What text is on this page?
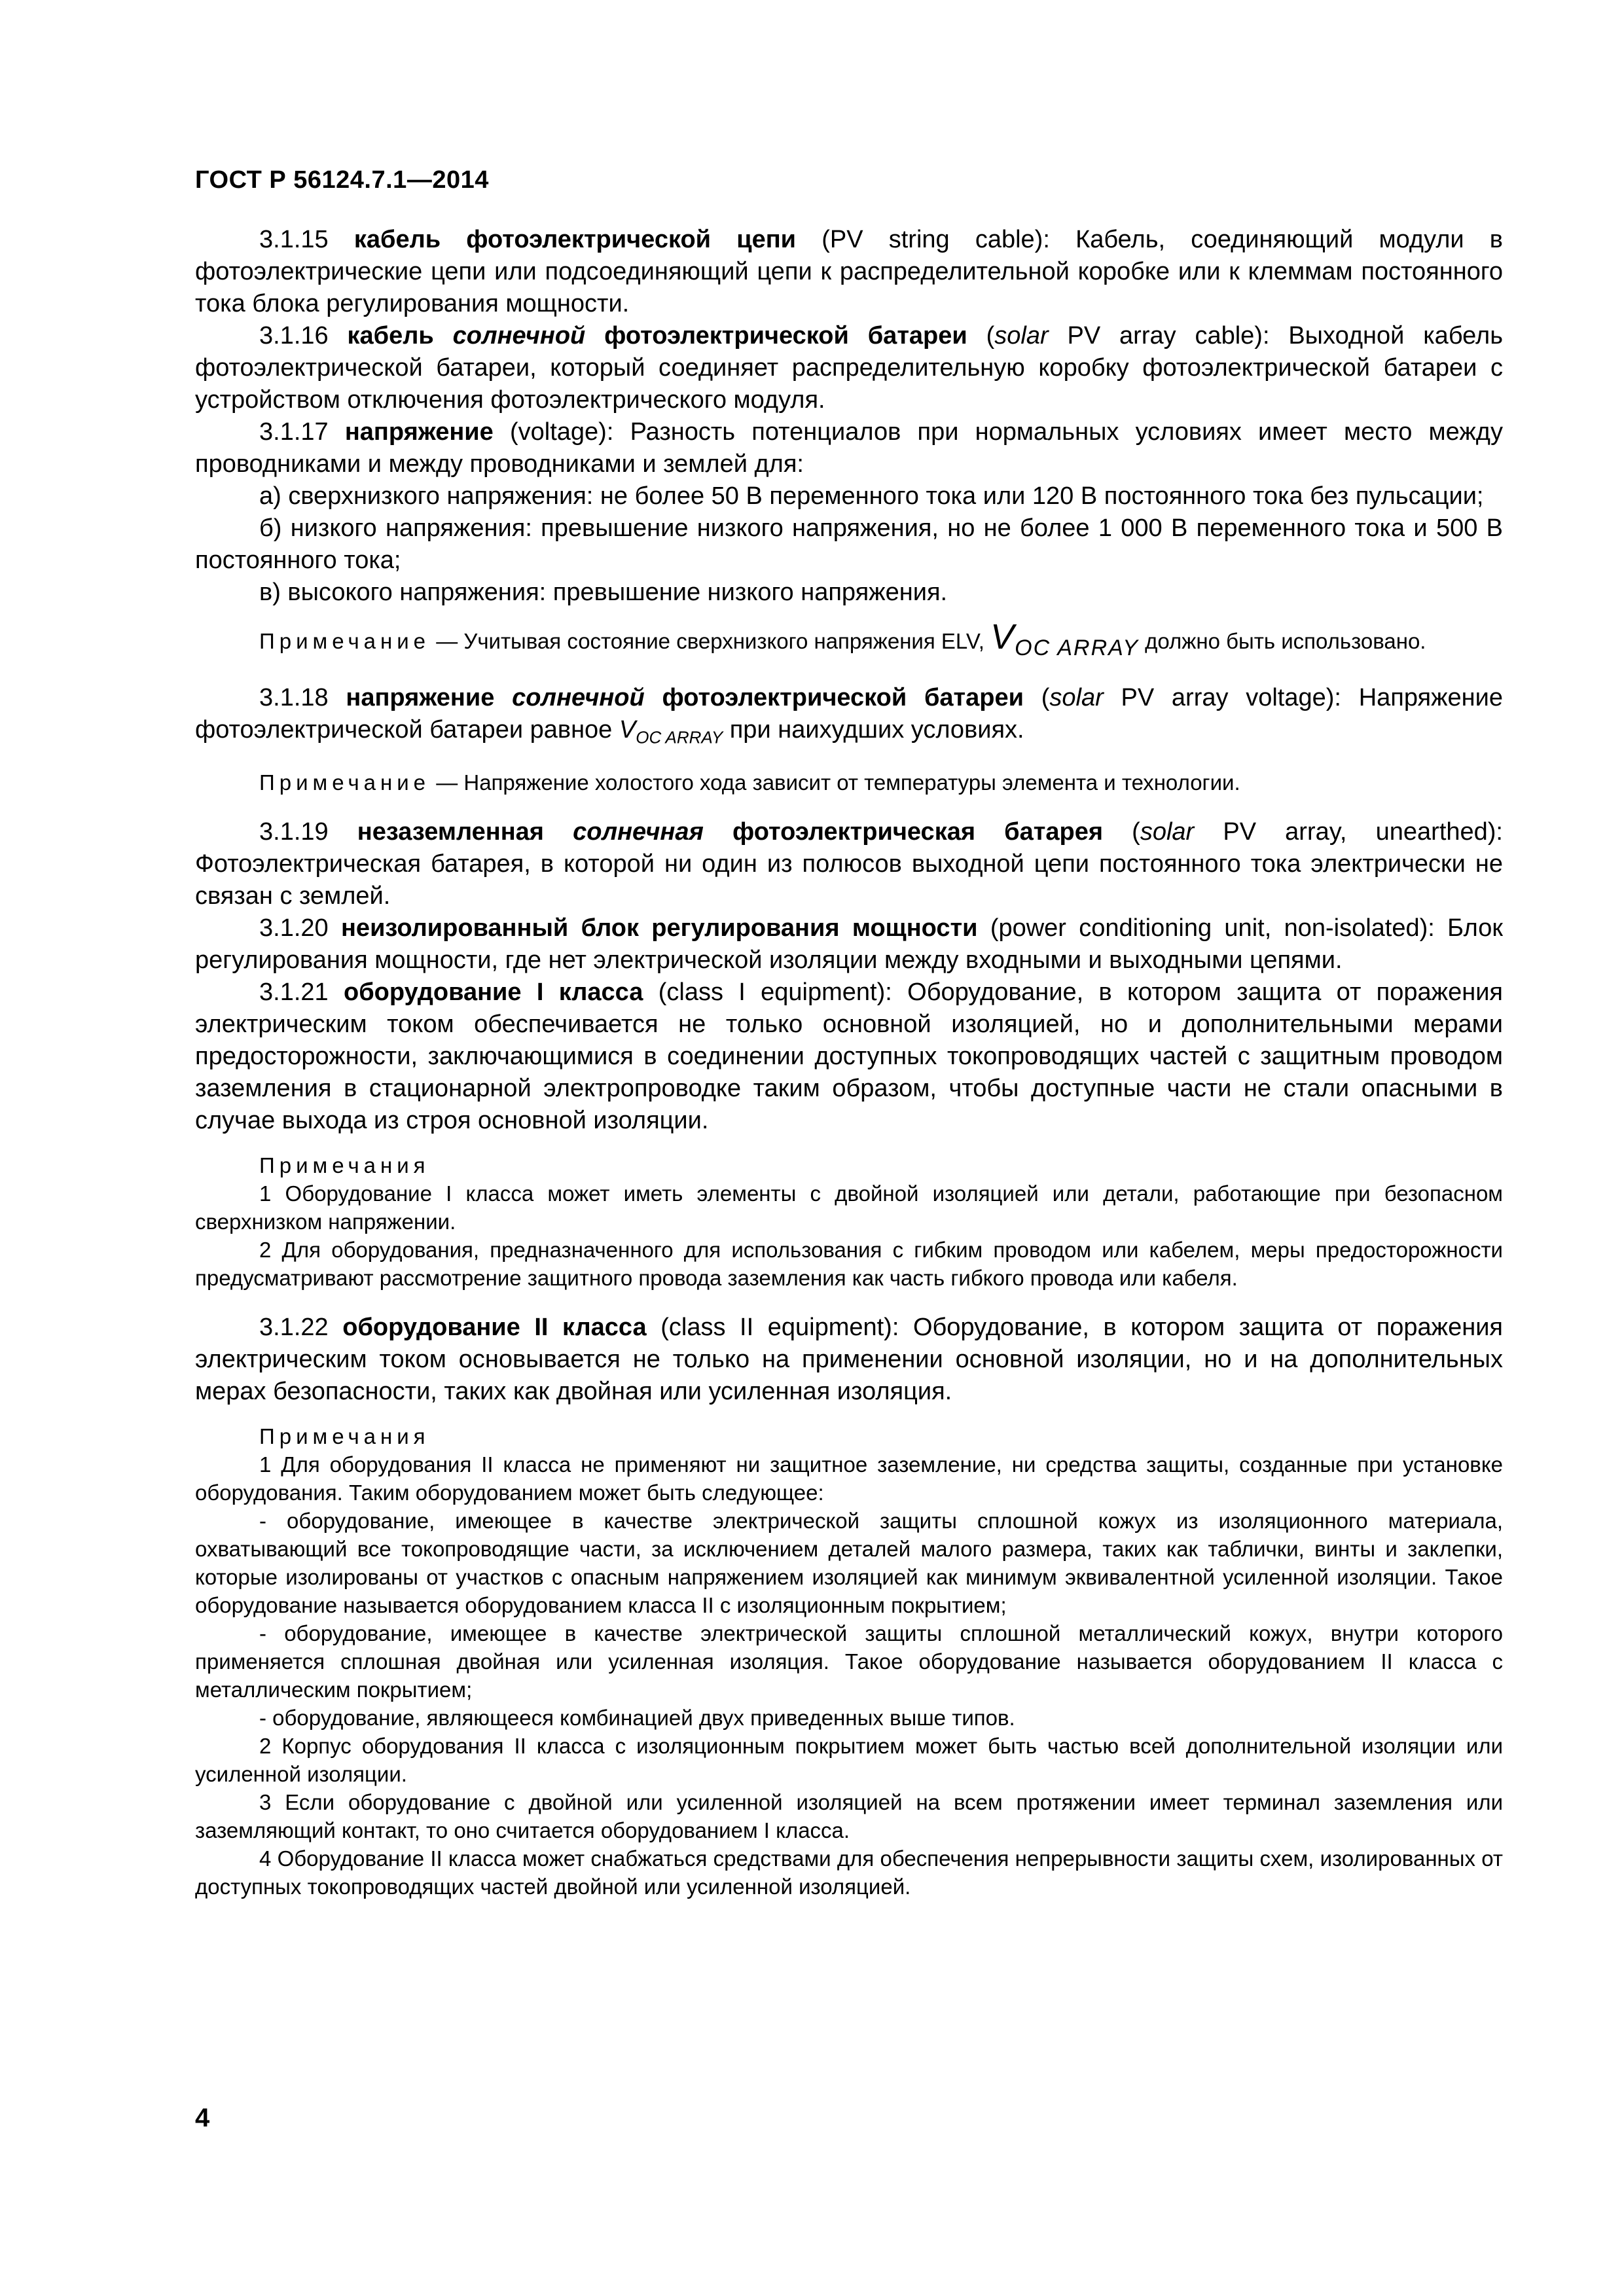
ГОСТ Р 56124.7.1—2014

3.1.15 кабель фотоэлектрической цепи (PV string cable): Кабель, соединяющий модули в фотоэлектрические цепи или подсоединяющий цепи к распределительной коробке или к клеммам постоянного тока блока регулирования мощности.

3.1.16 кабель солнечной фотоэлектрической батареи (solar PV array cable): Выходной кабель фотоэлектрической батареи, который соединяет распределительную коробку фотоэлектрической батареи с устройством отключения фотоэлектрического модуля.

3.1.17 напряжение (voltage): Разность потенциалов при нормальных условиях имеет место между проводниками и между проводниками и землей для:

а) сверхнизкого напряжения: не более 50 В переменного тока или 120 В постоянного тока без пульсации;

б) низкого напряжения: превышение низкого напряжения, но не более 1 000 В переменного тока и 500 В постоянного тока;

в) высокого напряжения: превышение низкого напряжения.

Примечание — Учитывая состояние сверхнизкого напряжения ELV, VOC ARRAY должно быть использовано.

3.1.18 напряжение солнечной фотоэлектрической батареи (solar PV array voltage): Напряжение фотоэлектрической батареи равное $V_{OC ARRAY}$ при наихудших условиях.

Примечание — Напряжение холостого хода зависит от температуры элемента и технологии.

3.1.19 незаземленная солнечная фотоэлектрическая батарея (solar PV array, unearthed): Фотоэлектрическая батарея, в которой ни один из полюсов выходной цепи постоянного тока электрически не связан с землей.

3.1.20 неизолированный блок регулирования мощности (power conditioning unit, non-isolated): Блок регулирования мощности, где нет электрической изоляции между входными и выходными цепями.

3.1.21 оборудование I класса (class I equipment): Оборудование, в котором защита от поражения электрическим током обеспечивается не только основной изоляцией, но и дополнительными мерами предосторожности, заключающимися в соединении доступных токопроводящих частей с защитным проводом заземления в стационарной электропроводке таким образом, чтобы доступные части не стали опасными в случае выхода из строя основной изоляции.

Примечания

1 Оборудование I класса может иметь элементы с двойной изоляцией или детали, работающие при безопасном сверхнизком напряжении.

2 Для оборудования, предназначенного для использования с гибким проводом или кабелем, меры предосторожности предусматривают рассмотрение защитного провода заземления как часть гибкого провода или кабеля.

3.1.22 оборудование II класса (class II equipment): Оборудование, в котором защита от поражения электрическим током основывается не только на применении основной изоляции, но и на дополнительных мерах безопасности, таких как двойная или усиленная изоляция.

Примечания

1 Для оборудования II класса не применяют ни защитное заземление, ни средства защиты, созданные при установке оборудования. Таким оборудованием может быть следующее:

- оборудование, имеющее в качестве электрической защиты сплошной кожух из изоляционного материала, охватывающий все токопроводящие части, за исключением деталей малого размера, таких как таблички, винты и заклепки, которые изолированы от участков с опасным напряжением изоляцией как минимум эквивалентной усиленной изоляции. Такое оборудование называется оборудованием класса II с изоляционным покрытием;

- оборудование, имеющее в качестве электрической защиты сплошной металлический кожух, внутри которого применяется сплошная двойная или усиленная изоляция. Такое оборудование называется оборудованием II класса с металлическим покрытием;

- оборудование, являющееся комбинацией двух приведенных выше типов.

2 Корпус оборудования II класса с изоляционным покрытием может быть частью всей дополнительной изоляции или усиленной изоляции.

3 Если оборудование с двойной или усиленной изоляцией на всем протяжении имеет терминал заземления или заземляющий контакт, то оно считается оборудованием I класса.

4 Оборудование II класса может снабжаться средствами для обеспечения непрерывности защиты схем, изолированных от доступных токопроводящих частей двойной или усиленной изоляцией.

4
